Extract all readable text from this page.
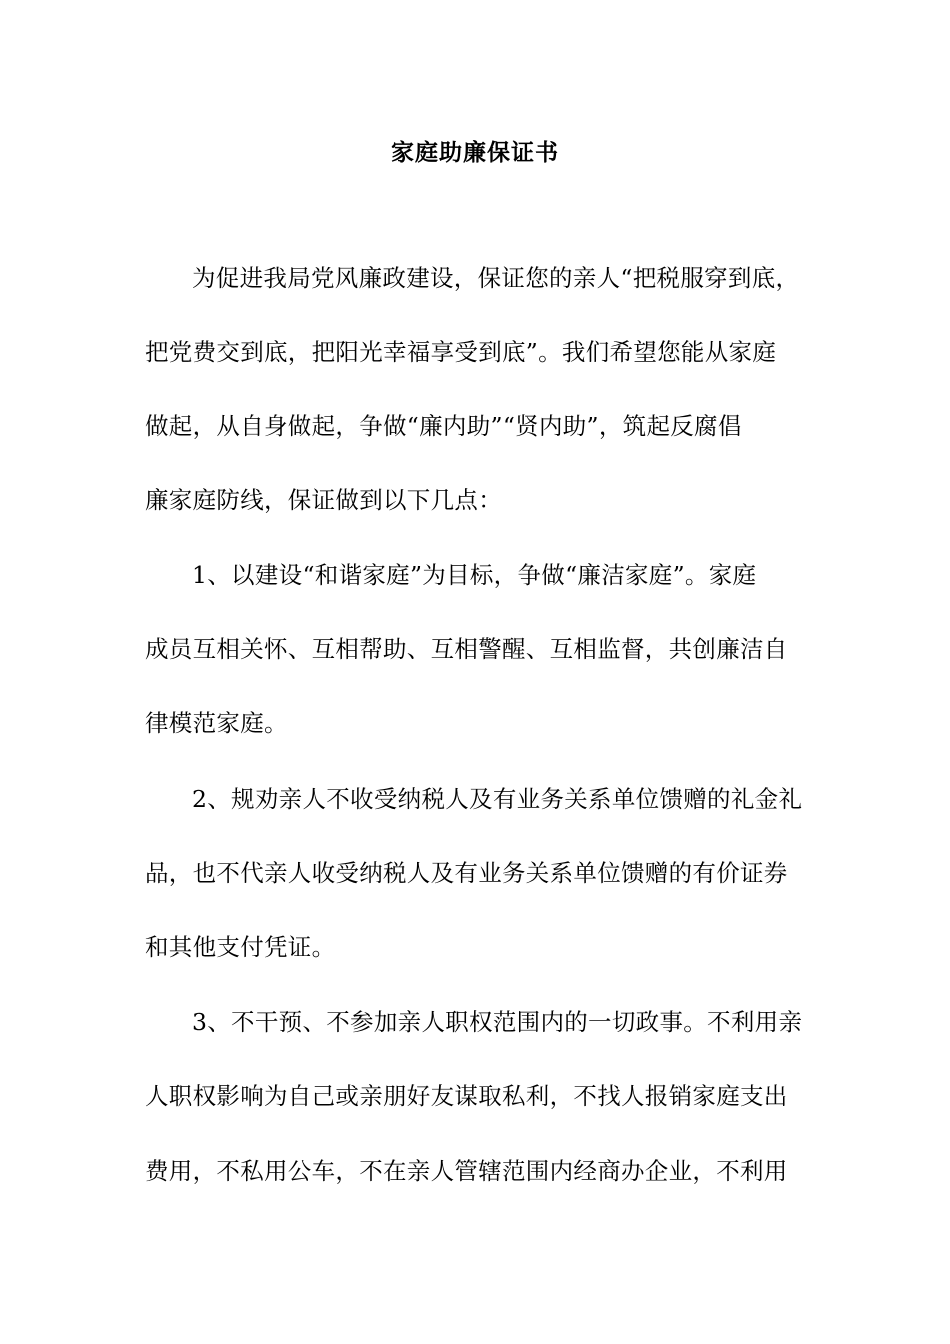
家庭助廉保证书
为促进我局党风廉政建设，保证您的亲人“把税服穿到底，
把党费交到底，把阳光幸福享受到底”。我们希望您能从家庭
做起，从自身做起，争做“廉内助”“贤内助”，筑起反腐倡
廉家庭防线，保证做到以下几点：
1、以建设“和谐家庭”为目标，争做“廉洁家庭”。家庭
成员互相关怀、互相帮助、互相警醒、互相监督，共创廉洁自
律模范家庭。
2、规劝亲人不收受纳税人及有业务关系单位馈赠的礼金礼
品，也不代亲人收受纳税人及有业务关系单位馈赠的有价证券
和其他支付凭证。
3、不干预、不参加亲人职权范围内的一切政事。不利用亲
人职权影响为自己或亲朋好友谋取私利，不找人报销家庭支出
费用，不私用公车，不在亲人管辖范围内经商办企业，不利用
